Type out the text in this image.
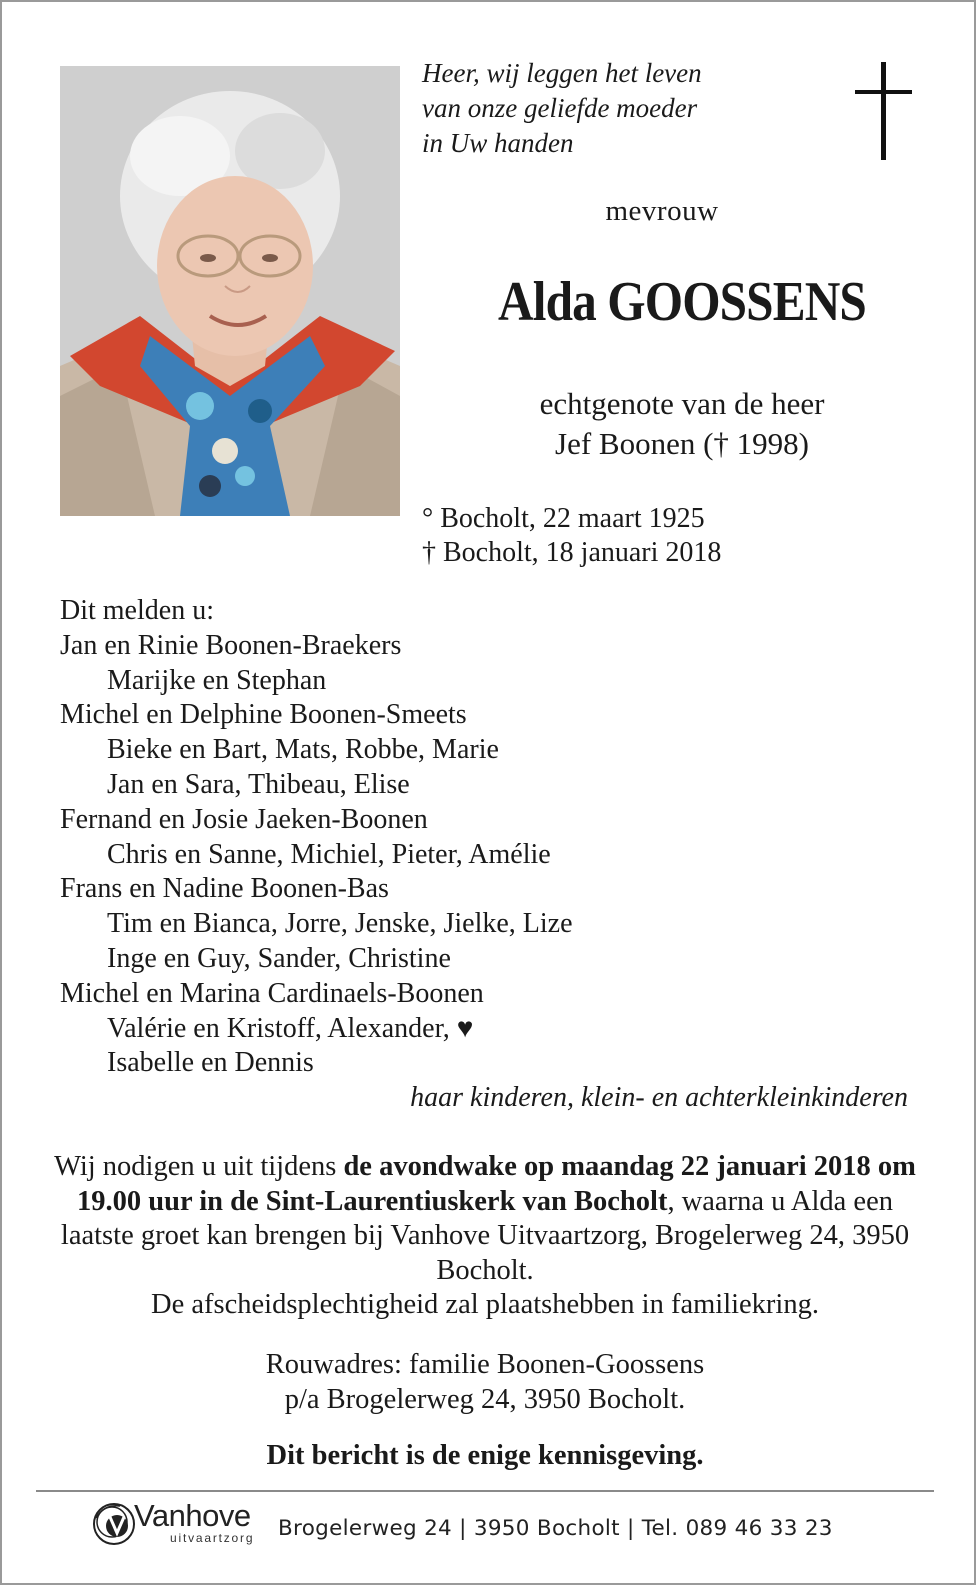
Heer, wij leggen het leven
van onze geliefde moeder
in Uw handen
mevrouw
Alda GOOSSENS
echtgenote van de heer
Jef Boonen († 1998)
° Bocholt, 22 maart 1925
† Bocholt, 18 januari 2018
Dit melden u:
Jan en Rinie Boonen-Braekers
Marijke en Stephan
Michel en Delphine Boonen-Smeets
Bieke en Bart, Mats, Robbe, Marie
Jan en Sara, Thibeau, Elise
Fernand en Josie Jaeken-Boonen
Chris en Sanne, Michiel, Pieter, Amélie
Frans en Nadine Boonen-Bas
Tim en Bianca, Jorre, Jenske, Jielke, Lize
Inge en Guy, Sander, Christine
Michel en Marina Cardinaels-Boonen
Valérie en Kristoff, Alexander, ♥
Isabelle en Dennis
haar kinderen, klein- en achterkleinkinderen
Wij nodigen u uit tijdens de avondwake op maandag 22 januari 2018 om 19.00 uur in de Sint-Laurentiuskerk van Bocholt, waarna u Alda een laatste groet kan brengen bij Vanhove Uitvaartzorg, Brogelerweg 24, 3950 Bocholt.
De afscheidsplechtigheid zal plaatshebben in familiekring.
Rouwadres: familie Boonen-Goossens
p/a Brogelerweg 24, 3950 Bocholt.
Dit bericht is de enige kennisgeving.
Vanhove
uitvaartzorg Brogelerweg 24 | 3950 Bocholt | Tel. 089 46 33 23
